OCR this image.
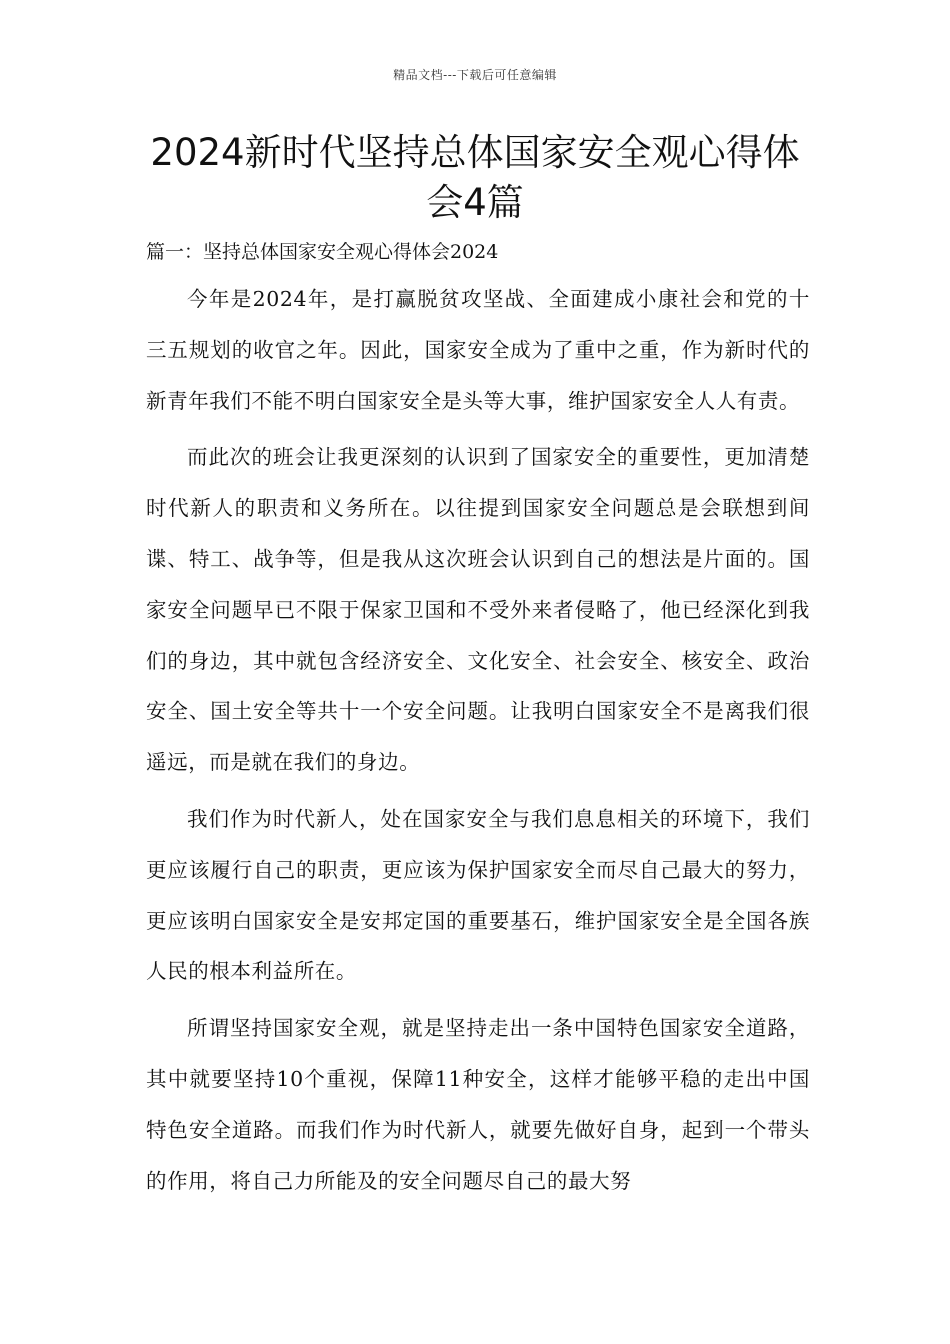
精品文档---下载后可任意编辑
2024新时代坚持总体国家安全观心得体会4篇
篇一：坚持总体国家安全观心得体会2024

今年是2024年，是打赢脱贫攻坚战、全面建成小康社会和党的十三五规划的收官之年。因此，国家安全成为了重中之重，作为新时代的新青年我们不能不明白国家安全是头等大事，维护国家安全人人有责。

而此次的班会让我更深刻的认识到了国家安全的重要性，更加清楚时代新人的职责和义务所在。以往提到国家安全问题总是会联想到间谍、特工、战争等，但是我从这次班会认识到自己的想法是片面的。国家安全问题早已不限于保家卫国和不受外来者侵略了，他已经深化到我们的身边，其中就包含经济安全、文化安全、社会安全、核安全、政治安全、国土安全等共十一个安全问题。让我明白国家安全不是离我们很遥远，而是就在我们的身边。

我们作为时代新人，处在国家安全与我们息息相关的环境下，我们更应该履行自己的职责，更应该为保护国家安全而尽自己最大的努力，更应该明白国家安全是安邦定国的重要基石，维护国家安全是全国各族人民的根本利益所在。

所谓坚持国家安全观，就是坚持走出一条中国特色国家安全道路，其中就要坚持10个重视，保障11种安全，这样才能够平稳的走出中国特色安全道路。而我们作为时代新人，就要先做好自身，起到一个带头的作用，将自己力所能及的安全问题尽自己的最大努
